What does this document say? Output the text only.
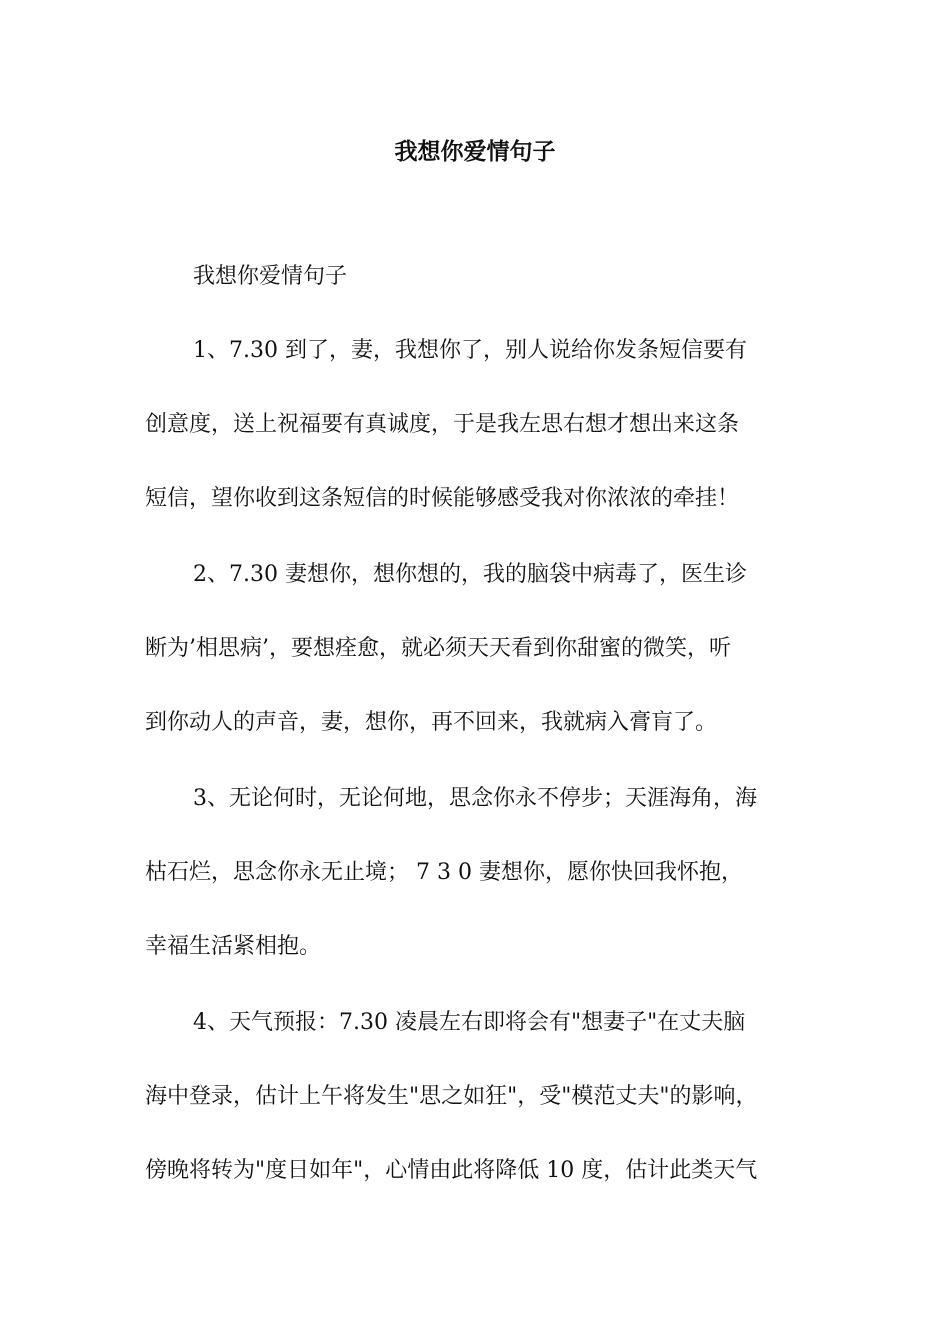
我想你爱情句子

我想你爱情句子

1、7.30 到了，妻，我想你了，别人说给你发条短信要有

创意度，送上祝福要有真诚度，于是我左思右想才想出来这条

短信，望你收到这条短信的时候能够感受我对你浓浓的牵挂！

2、7.30 妻想你，想你想的，我的脑袋中病毒了，医生诊

断为’相思病’，要想痊愈，就必须天天看到你甜蜜的微笑，听

到你动人的声音，妻，想你，再不回来，我就病入膏肓了。

3、无论何时，无论何地，思念你永不停步；天涯海角，海

枯石烂，思念你永无止境； 7 3 0 妻想你，愿你快回我怀抱，

幸福生活紧相抱。

4、天气预报：7.30 凌晨左右即将会有"想妻子"在丈夫脑

海中登录，估计上午将发生"思之如狂"，受"模范丈夫"的影响，

傍晚将转为"度日如年"，心情由此将降低 10 度，估计此类天气
